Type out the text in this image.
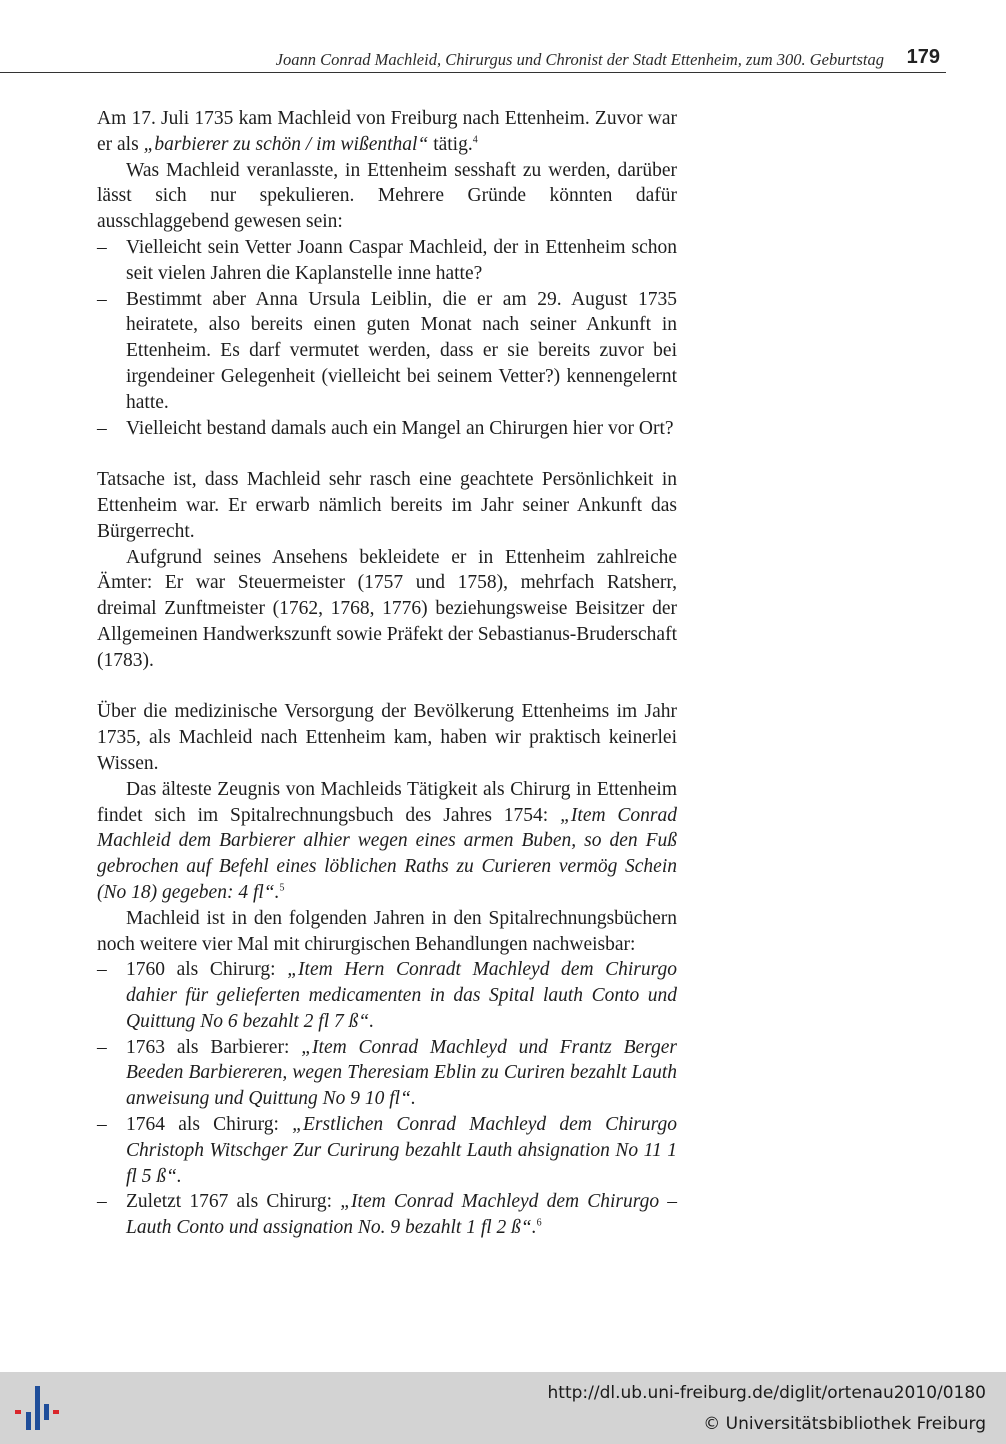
Joann Conrad Machleid, Chirurgus und Chronist der Stadt Ettenheim, zum 300. Geburtstag 179

Am 17. Juli 1735 kam Machleid von Freiburg nach Ettenheim. Zuvor war er als „barbierer zu schön / im wißenthal“ tätig.$^4$

Was Machleid veranlasste, in Ettenheim sesshaft zu werden, darüber lässt sich nur spekulieren. Mehrere Gründe könnten dafür ausschlaggebend gewesen sein:

– Vielleicht sein Vetter Joann Caspar Machleid, der in Ettenheim schon seit vielen Jahren die Kaplanstelle inne hatte?
– Bestimmt aber Anna Ursula Leiblin, die er am 29. August 1735 heiratete, also bereits einen guten Monat nach seiner Ankunft in Ettenheim. Es darf vermutet werden, dass er sie bereits zuvor bei irgendeiner Gelegenheit (vielleicht bei seinem Vetter?) kennengelernt hatte.
– Vielleicht bestand damals auch ein Mangel an Chirurgen hier vor Ort?

Tatsache ist, dass Machleid sehr rasch eine geachtete Persönlichkeit in Ettenheim war. Er erwarb nämlich bereits im Jahr seiner Ankunft das Bürgerrecht.

Aufgrund seines Ansehens bekleidete er in Ettenheim zahlreiche Ämter: Er war Steuermeister (1757 und 1758), mehrfach Ratsherr, dreimal Zunftmeister (1762, 1768, 1776) beziehungsweise Beisitzer der Allgemeinen Handwerkszunft sowie Präfekt der Sebastianus-Bruderschaft (1783).

Über die medizinische Versorgung der Bevölkerung Ettenheims im Jahr 1735, als Machleid nach Ettenheim kam, haben wir praktisch keinerlei Wissen.

Das älteste Zeugnis von Machleids Tätigkeit als Chirurg in Ettenheim findet sich im Spitalrechnungsbuch des Jahres 1754: „Item Conrad Machleid dem Barbierer alhier wegen eines armen Buben, so den Fuß gebrochen auf Befehl eines löblichen Raths zu Curieren vermög Schein (No 18) gegeben: 4 fl“.$^5$

Machleid ist in den folgenden Jahren in den Spitalrechnungsbüchern noch weitere vier Mal mit chirurgischen Behandlungen nachweisbar:

– 1760 als Chirurg: „Item Hern Conradt Machleyd dem Chirurgo dahier für gelieferten medicamenten in das Spital lauth Conto und Quittung No 6 bezahlt 2 fl 7 ß“.
– 1763 als Barbierer: „Item Conrad Machleyd und Frantz Berger Beeden Barbiereren, wegen Theresiam Eblin zu Curiren bezahlt Lauth anweisung und Quittung No 9 10 fl“.
– 1764 als Chirurg: „Erstlichen Conrad Machleyd dem Chirurgo Christoph Witschger Zur Curirung bezahlt Lauth ahsignation No 11 1 fl 5 ß“.
– Zuletzt 1767 als Chirurg: „Item Conrad Machleyd dem Chirurgo – Lauth Conto und assignation No. 9 bezahlt 1 fl 2 ß“.$^6$
http://dl.ub.uni-freiburg.de/diglit/ortenau2010/0180
© Universitätsbibliothek Freiburg
